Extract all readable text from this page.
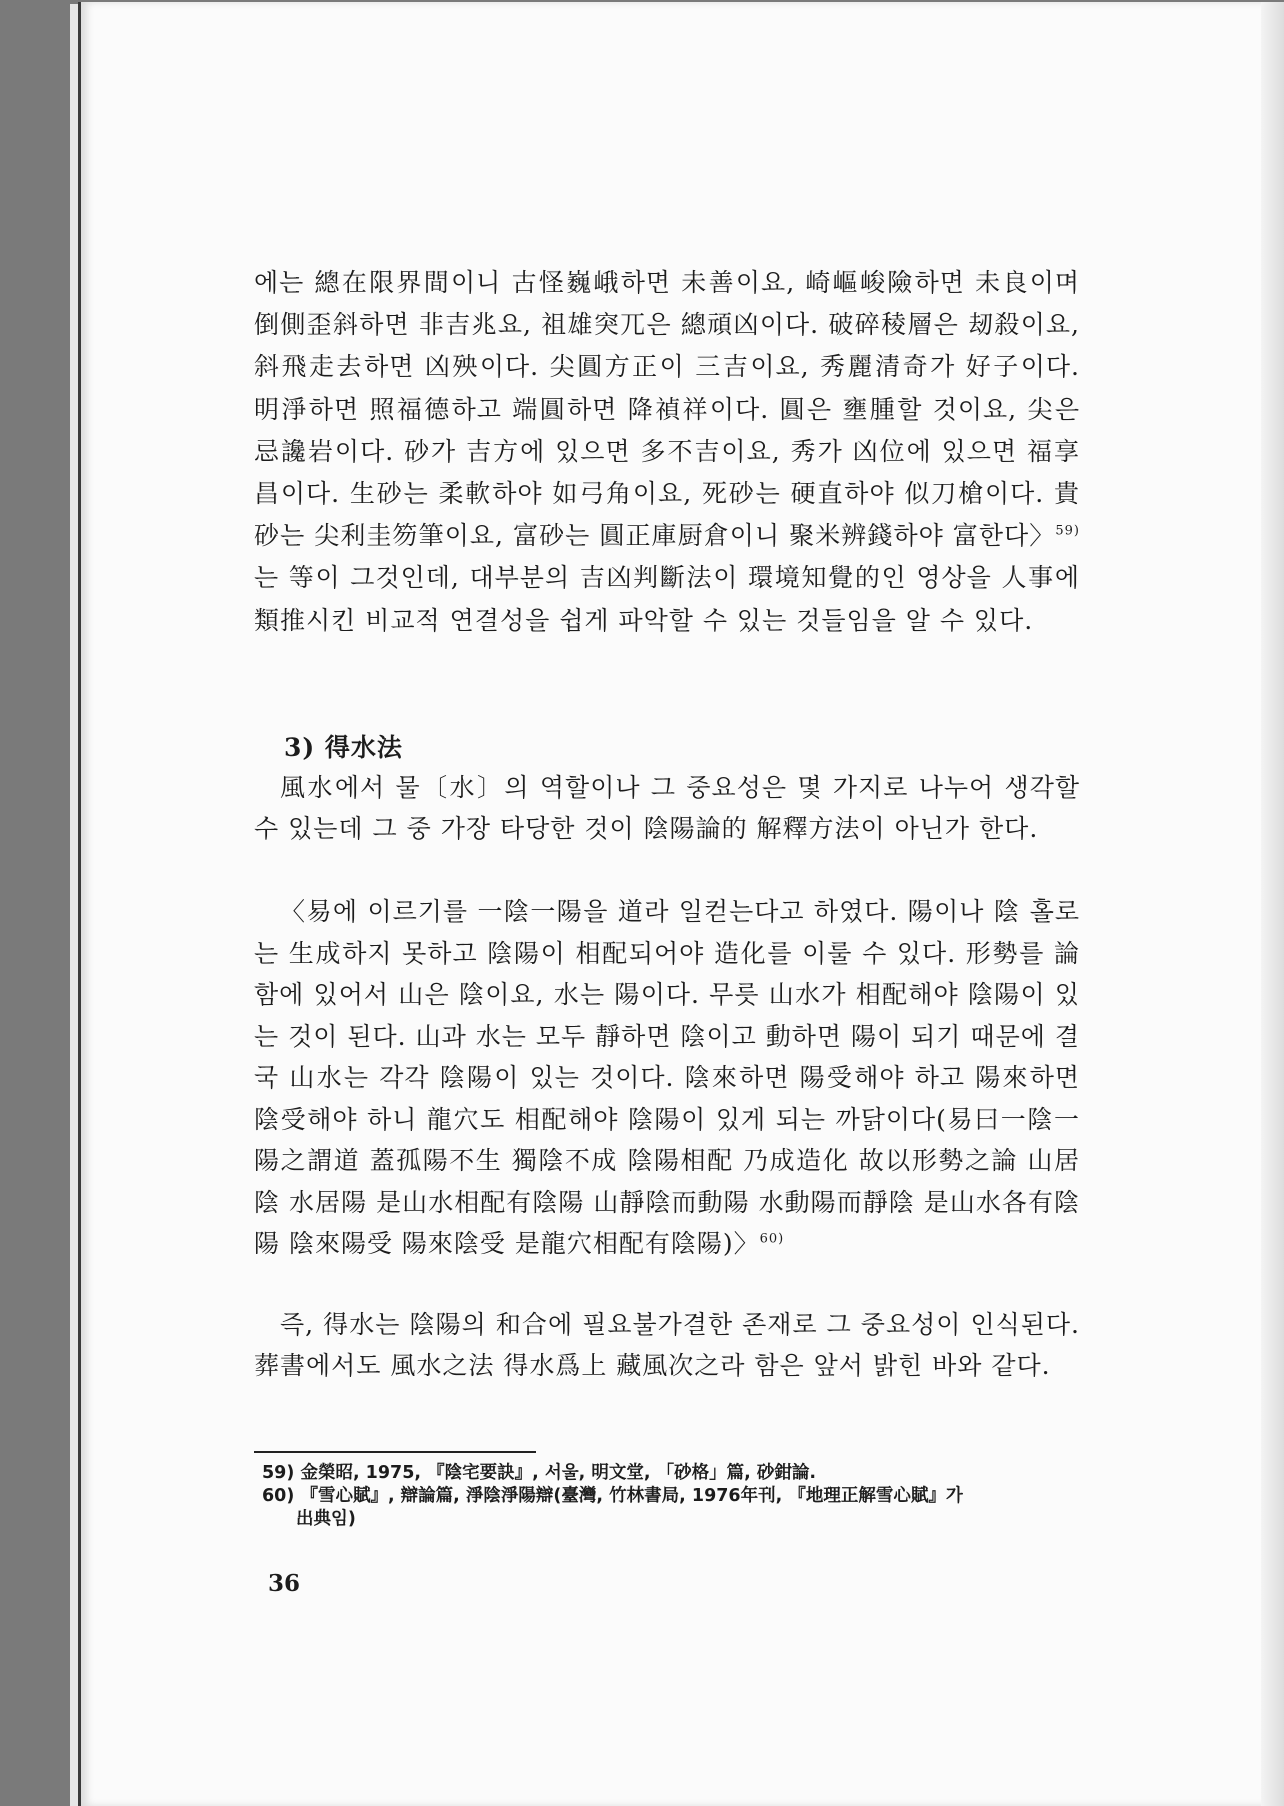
에는 總在限界間이니 古怪巍峨하면 未善이요, 崎嶇峻險하면 未良이며 倒側歪斜하면 非吉兆요, 祖雄突兀은 總頑凶이다. 破碎稜層은 刼殺이요, 斜飛走去하면 凶殃이다. 尖圓方正이 三吉이요, 秀麗清奇가 好子이다. 明淨하면 照福德하고 端圓하면 降禎祥이다. 圓은 壅腫할 것이요, 尖은 忌讒岩이다. 砂가 吉方에 있으면 多不吉이요, 秀가 凶位에 있으면 福享昌이다. 生砂는 柔軟하야 如弓角이요, 死砂는 硬直하야 似刀槍이다. 貴砂는 尖利圭笏筆이요, 富砂는 圓正庫厨倉이니 聚米辨錢하야 富한다〉$^{59)}$는 等이 그것인데, 대부분의 吉凶判斷法이 環境知覺的인 영상을 人事에 類推시킨 비교적 연결성을 쉽게 파악할 수 있는 것들임을 알 수 있다.

3) 得水法

風水에서 물〔水〕의 역할이나 그 중요성은 몇 가지로 나누어 생각할 수 있는데 그 중 가장 타당한 것이 陰陽論的 解釋方法이 아닌가 한다.

〈易에 이르기를 一陰一陽을 道라 일컫는다고 하였다. 陽이나 陰 홀로는 生成하지 못하고 陰陽이 相配되어야 造化를 이룰 수 있다. 形勢를 論함에 있어서 山은 陰이요, 水는 陽이다. 무릇 山水가 相配해야 陰陽이 있는 것이 된다. 山과 水는 모두 靜하면 陰이고 動하면 陽이 되기 때문에 결국 山水는 각각 陰陽이 있는 것이다. 陰來하면 陽受해야 하고 陽來하면 陰受해야 하니 龍穴도 相配해야 陰陽이 있게 되는 까닭이다(易曰一陰一陽之謂道 蓋孤陽不生 獨陰不成 陰陽相配 乃成造化 故以形勢之論 山居陰 水居陽 是山水相配有陰陽 山靜陰而動陽 水動陽而靜陰 是山水各有陰陽 陰來陽受 陽來陰受 是龍穴相配有陰陽)〉$^{60)}$

즉, 得水는 陰陽의 和合에 필요불가결한 존재로 그 중요성이 인식된다. 葬書에서도 風水之法 得水爲上 藏風次之라 함은 앞서 밝힌 바와 같다.

59) 金榮昭, 1975, 『陰宅要訣』, 서울, 明文堂, 「砂格」篇, 砂鉗論.

60) 『雪心賦』, 辯論篇, 淨陰淨陽辯(臺灣, 竹林書局, 1976年刊, 『地理正解雪心賦』가

出典임)

36
